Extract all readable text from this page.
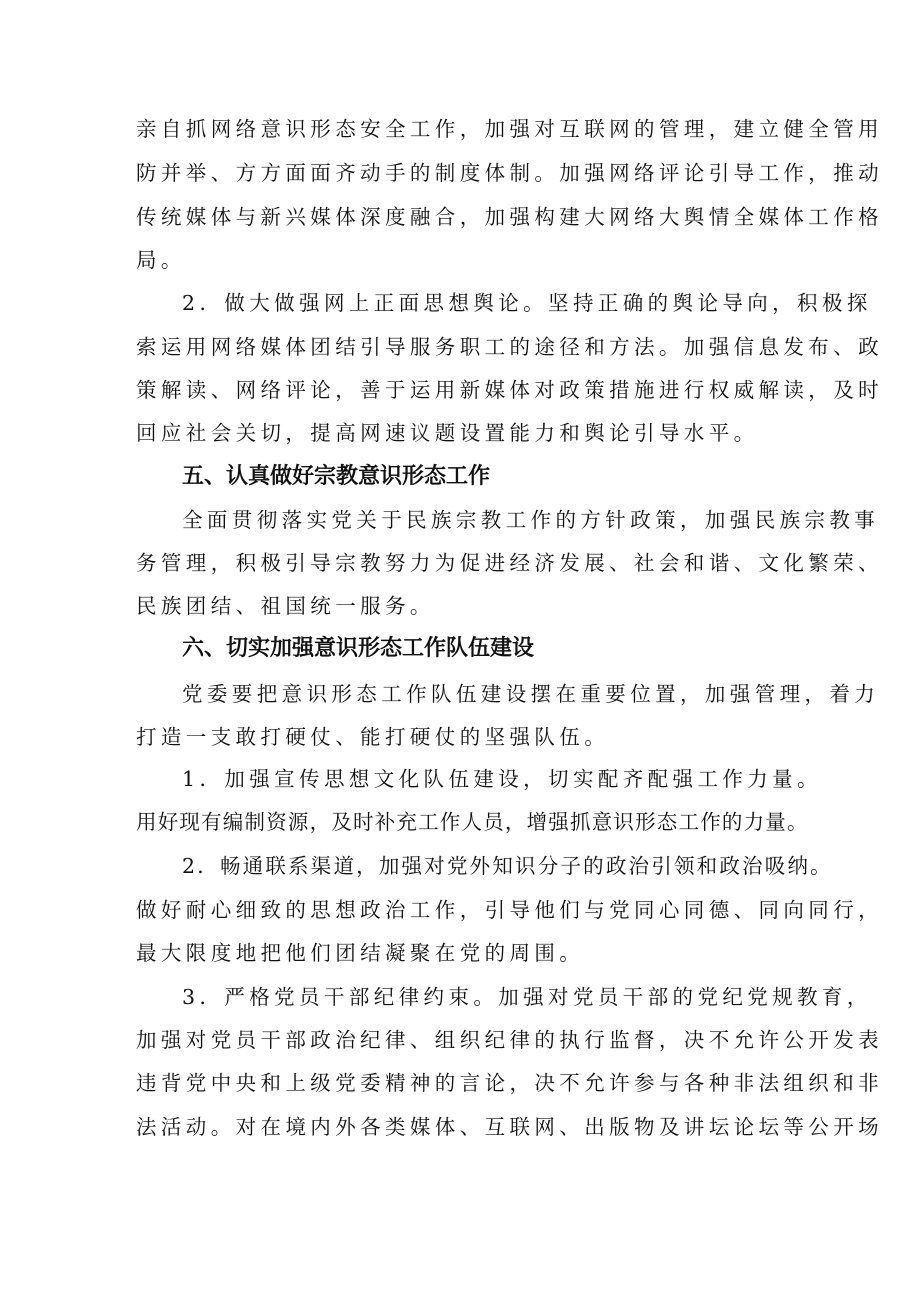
亲自抓网络意识形态安全工作，加强对互联网的管理，建立健全管用
防并举、方方面面齐动手的制度体制。加强网络评论引导工作，推动
传统媒体与新兴媒体深度融合，加强构建大网络大舆情全媒体工作格
局。
2．做大做强网上正面思想舆论。坚持正确的舆论导向，积极探
索运用网络媒体团结引导服务职工的途径和方法。加强信息发布、政
策解读、网络评论，善于运用新媒体对政策措施进行权威解读，及时
回应社会关切，提高网速议题设置能力和舆论引导水平。
五、认真做好宗教意识形态工作
全面贯彻落实党关于民族宗教工作的方针政策，加强民族宗教事
务管理，积极引导宗教努力为促进经济发展、社会和谐、文化繁荣、
民族团结、祖国统一服务。
六、切实加强意识形态工作队伍建设
党委要把意识形态工作队伍建设摆在重要位置，加强管理，着力
打造一支敢打硬仗、能打硬仗的坚强队伍。
1．加强宣传思想文化队伍建设，切实配齐配强工作力量。
用好现有编制资源，及时补充工作人员，增强抓意识形态工作的力量。
2．畅通联系渠道，加强对党外知识分子的政治引领和政治吸纳。
做好耐心细致的思想政治工作，引导他们与党同心同德、同向同行，
最大限度地把他们团结凝聚在党的周围。
3．严格党员干部纪律约束。加强对党员干部的党纪党规教育，
加强对党员干部政治纪律、组织纪律的执行监督，决不允许公开发表
违背党中央和上级党委精神的言论，决不允许参与各种非法组织和非
法活动。对在境内外各类媒体、互联网、出版物及讲坛论坛等公开场
